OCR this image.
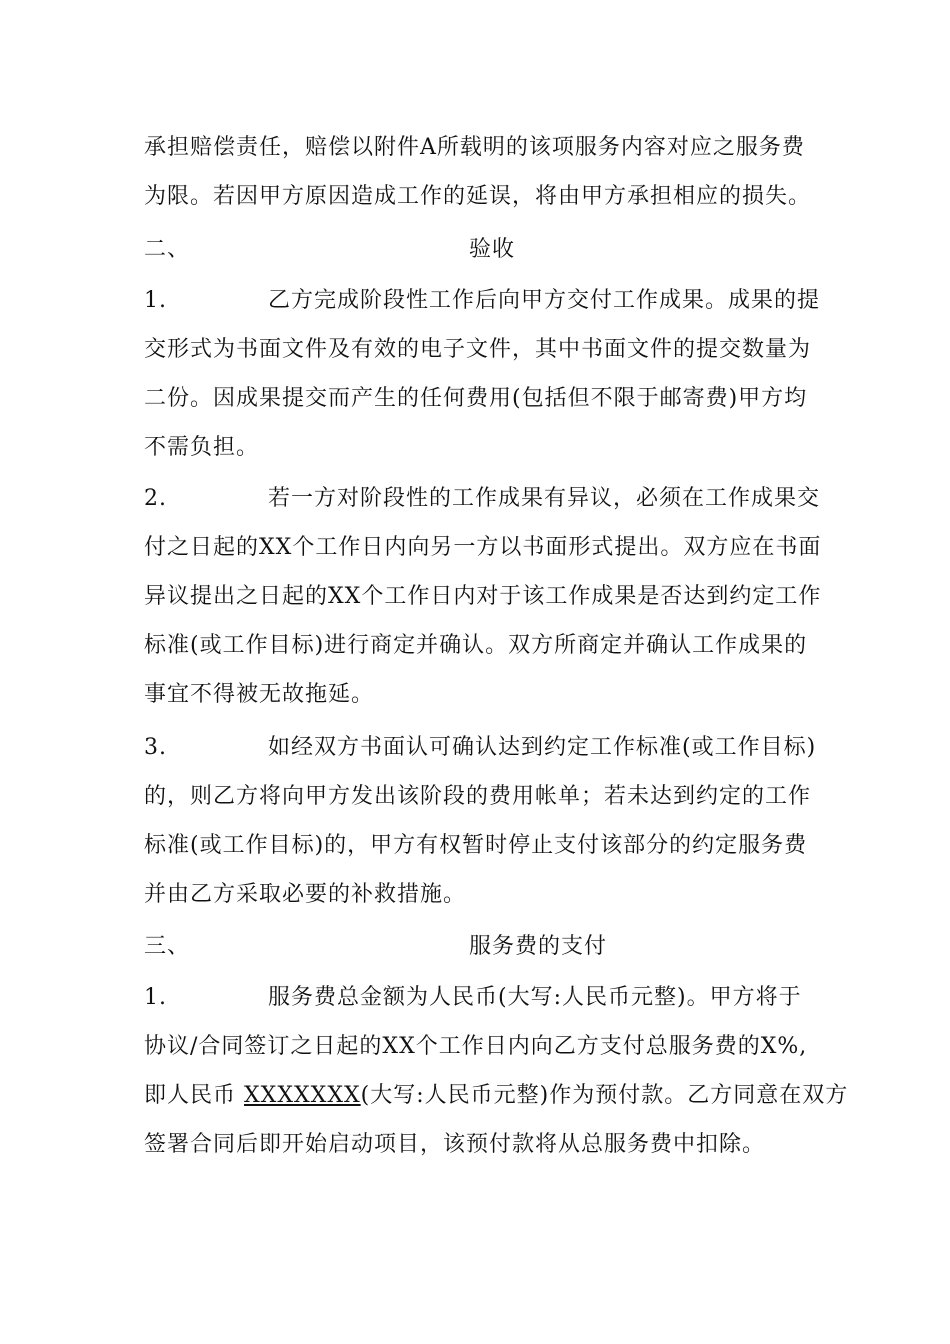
承担赔偿责任，赔偿以附件A所载明的该项服务内容对应之服务费
为限。若因甲方原因造成工作的延误，将由甲方承担相应的损失。
二、	验收
1.	乙方完成阶段性工作后向甲方交付工作成果。成果的提
交形式为书面文件及有效的电子文件，其中书面文件的提交数量为
二份。因成果提交而产生的任何费用(包括但不限于邮寄费)甲方均
不需负担。
2.	若一方对阶段性的工作成果有异议，必须在工作成果交
付之日起的XX个工作日内向另一方以书面形式提出。双方应在书面
异议提出之日起的XX个工作日内对于该工作成果是否达到约定工作
标准(或工作目标)进行商定并确认。双方所商定并确认工作成果的
事宜不得被无故拖延。
3.	如经双方书面认可确认达到约定工作标准(或工作目标)
的，则乙方将向甲方发出该阶段的费用帐单；若未达到约定的工作
标准(或工作目标)的，甲方有权暂时停止支付该部分的约定服务费
并由乙方采取必要的补救措施。
三、	服务费的支付
1.	服务费总金额为人民币(大写:人民币元整)。甲方将于
协议/合同签订之日起的XX个工作日内向乙方支付总服务费的X%,
即人民币 XXXXXXX(大写:人民币元整)作为预付款。乙方同意在双方
签署合同后即开始启动项目，该预付款将从总服务费中扣除。
